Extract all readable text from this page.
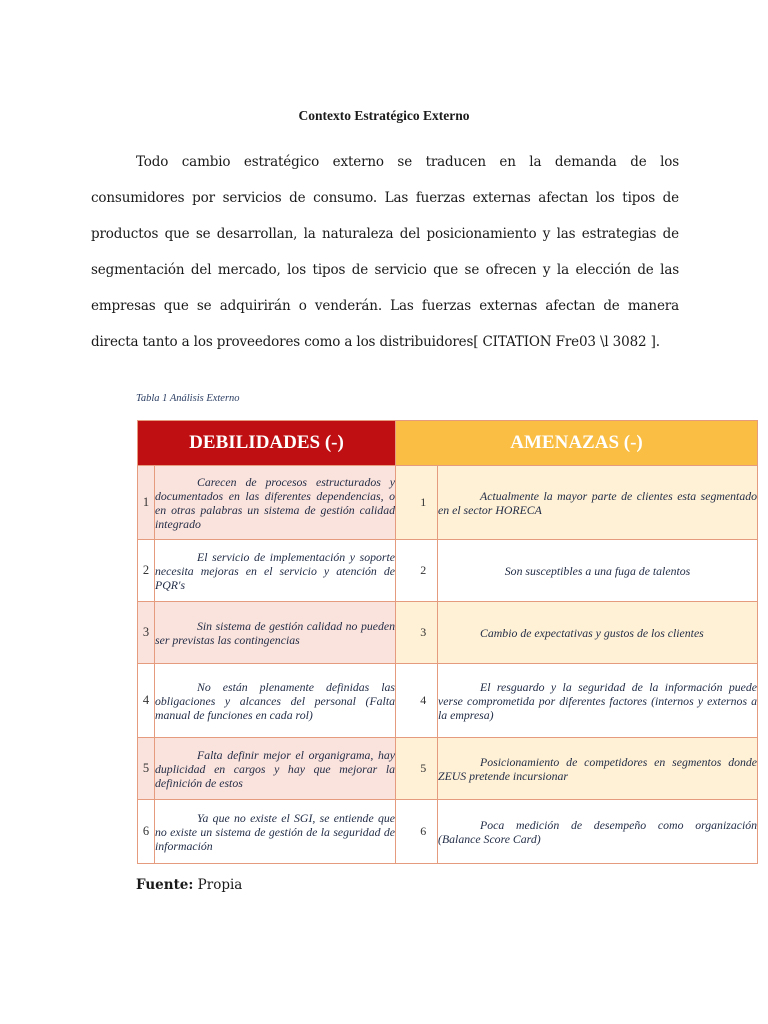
Contexto Estratégico Externo
Todo cambio estratégico externo se traducen en la demanda de los consumidores por servicios de consumo. Las fuerzas externas afectan los tipos de productos que se desarrollan, la naturaleza del posicionamiento y las estrategias de segmentación del mercado, los tipos de servicio que se ofrecen y la elección de las empresas que se adquirirán o venderán. Las fuerzas externas afectan de manera directa tanto a los proveedores como a los distribuidores[ CITATION Fre03 \l 3082 ].
Tabla 1 Análisis Externo
DEBILIDADES (-)		AMENAZAS (-)		
1	Carecen de procesos estructurados y documentados en las diferentes dependencias, o en otras palabras un sistema de gestión calidad integrado		1	Actualmente la mayor parte de clientes esta segmentado en el sector HORECA
2	El servicio de implementación y soporte necesita mejoras en el servicio y atención de PQR's		2	Son susceptibles a una fuga de talentos
3	Sin sistema de gestión calidad no pueden ser previstas las contingencias		3	Cambio de expectativas y gustos de los clientes
4	No están plenamente definidas las obligaciones y alcances del personal (Falta manual de funciones en cada rol)		4	El resguardo y la seguridad de la información puede verse comprometida por diferentes factores (internos y externos a la empresa)
5	Falta definir mejor el organigrama, hay duplicidad en cargos y hay que mejorar la definición de estos		5	Posicionamiento de competidores en segmentos donde ZEUS pretende incursionar
6	Ya que no existe el SGI, se entiende que no existe un sistema de gestión de la seguridad de información		6	Poca medición de desempeño como organización (Balance Score Card)
Fuente: Propia
